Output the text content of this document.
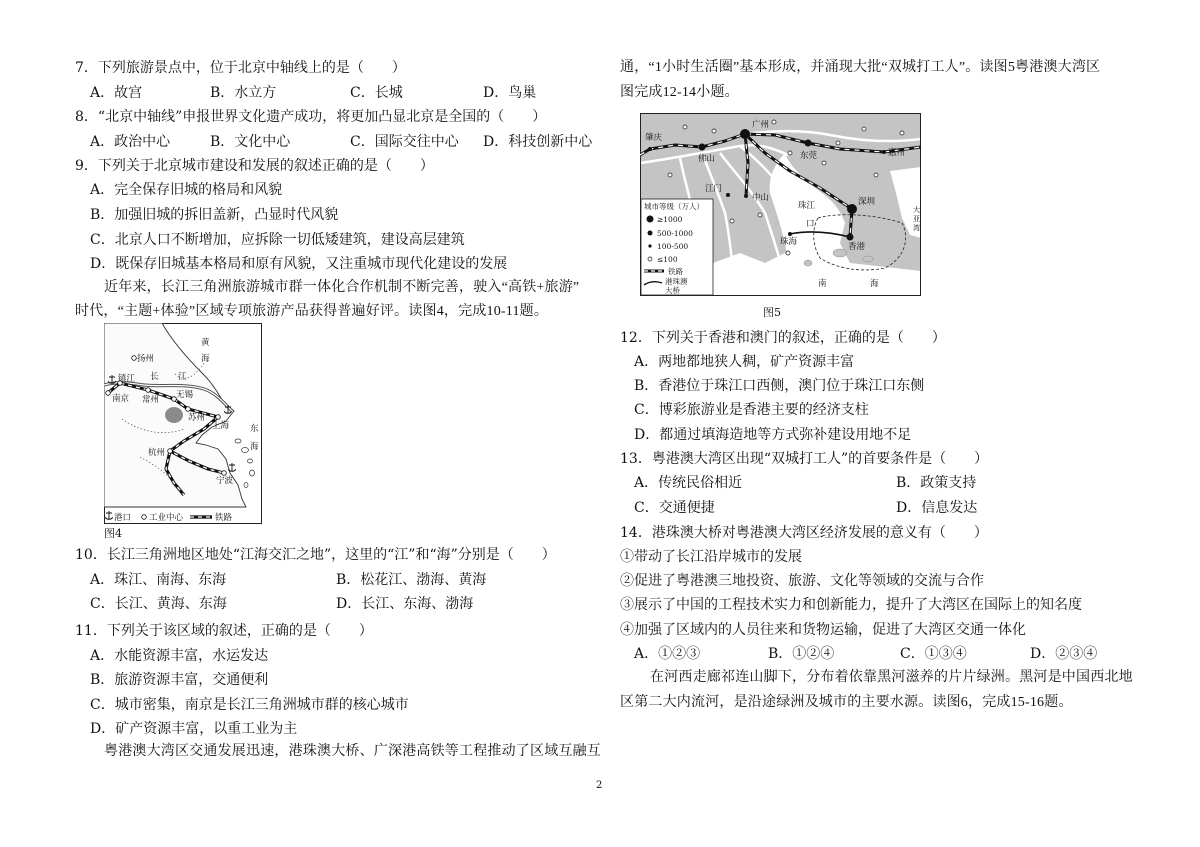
7．下列旅游景点中，位于北京中轴线上的是（　　）
A．故宫	B．水立方	C．长城	D．鸟巢
8．“北京中轴线”申报世界文化遗产成功，将更加凸显北京是全国的（　　）
A．政治中心	B．文化中心	C．国际交往中心 D．科技创新中心
9．下列关于北京城市建设和发展的叙述正确的是（　　）
A．完全保存旧城的格局和风貌
B．加强旧城的拆旧盖新，凸显时代风貌
C．北京人口不断增加，应拆除一切低矮建筑，建设高层建筑
D．既保存旧城基本格局和原有风貌，又注重城市现代化建设的发展
近年来，长江三角洲旅游城市群一体化合作机制不断完善，驶入“高铁+旅游”
时代，“主题+体验”区域专项旅游产品获得普遍好评。读图4，完成10-11题。
黄
海
扬州
镇江
南京
长 江
常州 无锡
苏州
上海 东
海
杭州
宁波
港口 工业中心	铁路
图4
10．长江三角洲地区地处“江海交汇之地”，这里的“江”和“海”分别是（　　）
A．珠江、南海、东海	B．松花江、渤海、黄海
C．长江、黄海、东海	D．长江、东海、渤海
11．下列关于该区域的叙述，正确的是（　　）
A．水能资源丰富，水运发达
B．旅游资源丰富，交通便利
C．城市密集，南京是长江三角洲城市群的核心城市
D．矿产资源丰富，以重工业为主
粤港澳大湾区交通发展迅速，港珠澳大桥、广深港高铁等工程推动了区域互融互
2
通，“1小时生活圈”基本形成，并涌现大批“双城打工人”。读图5粤港澳大湾区
图完成12-14小题。
肇庆
广州
佛山	东莞	惠州
江门
中山
珠江
口
深圳
珠海	香港
南	海
大
亚
湾
城市等级（万人）
≥1000
500-1000
100-500
≤100
铁路
港珠澳
大桥
图5
12．下列关于香港和澳门的叙述，正确的是（　　）
A．两地都地狭人稠，矿产资源丰富
B．香港位于珠江口西侧，澳门位于珠江口东侧
C．博彩旅游业是香港主要的经济支柱
D．都通过填海造地等方式弥补建设用地不足
13．粤港澳大湾区出现“双城打工人”的首要条件是（　　）
A．传统民俗相近	B．政策支持
C．交通便捷	D．信息发达
14．港珠澳大桥对粤港澳大湾区经济发展的意义有（　　）
①带动了长江沿岸城市的发展
②促进了粤港澳三地投资、旅游、文化等领域的交流与合作
③展示了中国的工程技术实力和创新能力，提升了大湾区在国际上的知名度
④加强了区域内的人员往来和货物运输，促进了大湾区交通一体化
A．①②③	B．①②④	C．①③④	D．②③④
在河西走廊祁连山脚下，分布着依靠黑河滋养的片片绿洲。黑河是中国西北地
区第二大内流河，是沿途绿洲及城市的主要水源。读图6，完成15-16题。
